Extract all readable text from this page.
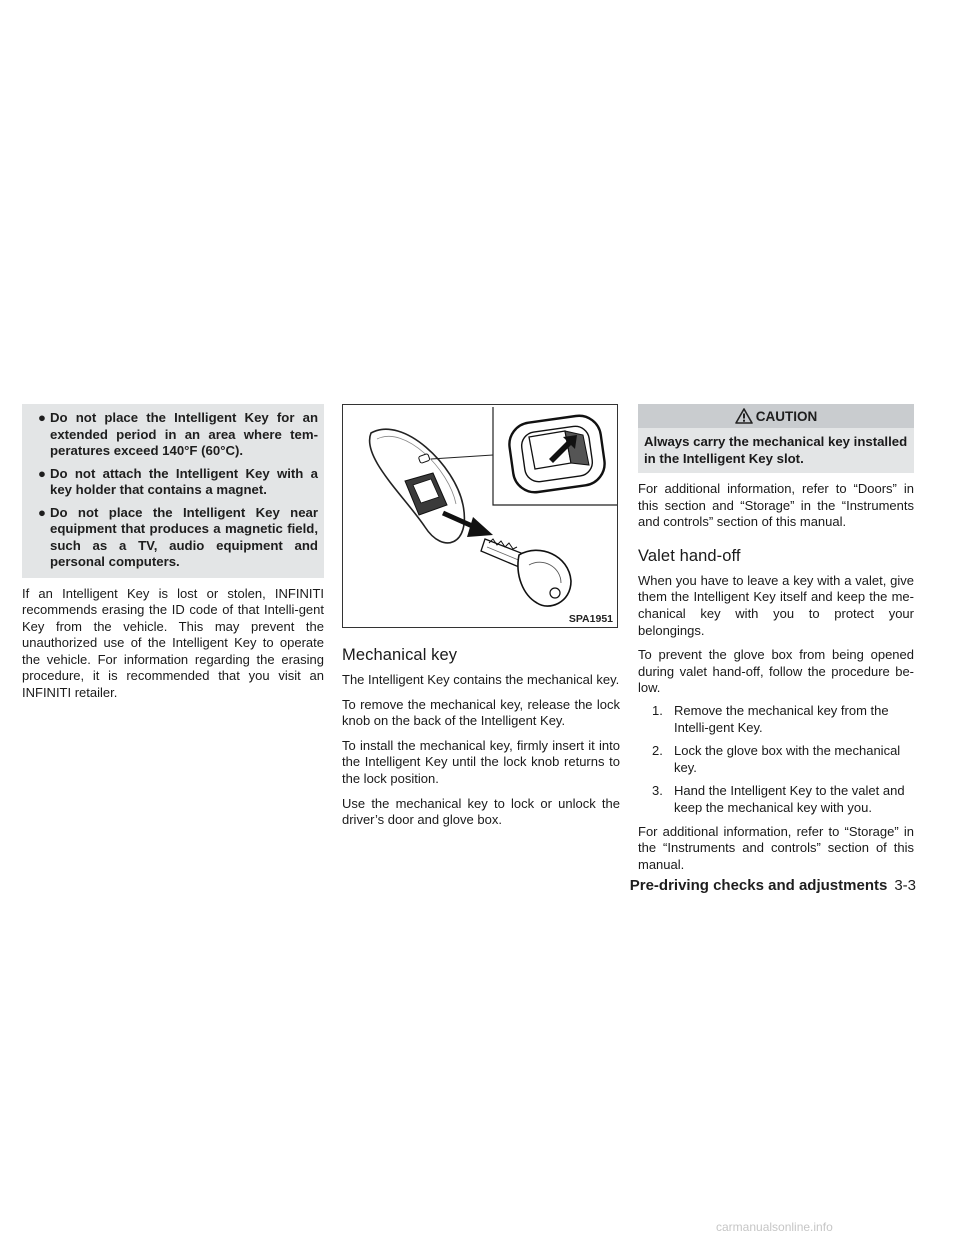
● Do not place the Intelligent Key for an extended period in an area where tem-peratures exceed 140°F (60°C).
● Do not attach the Intelligent Key with a key holder that contains a magnet.
● Do not place the Intelligent Key near equipment that produces a magnetic field, such as a TV, audio equipment and personal computers.

If an Intelligent Key is lost or stolen, INFINITI recommends erasing the ID code of that Intelli-gent Key from the vehicle. This may prevent the unauthorized use of the Intelligent Key to operate the vehicle. For information regarding the erasing procedure, it is recommended that you visit an INFINITI retailer.

SPA1951
Mechanical key

The Intelligent Key contains the mechanical key.

To remove the mechanical key, release the lock knob on the back of the Intelligent Key.

To install the mechanical key, firmly insert it into the Intelligent Key until the lock knob returns to the lock position.

Use the mechanical key to lock or unlock the driver’s door and glove box.

CAUTION
Always carry the mechanical key installed in the Intelligent Key slot.

For additional information, refer to “Doors” in this section and “Storage” in the “Instruments and controls” section of this manual.

Valet hand-off

When you have to leave a key with a valet, give them the Intelligent Key itself and keep the me-chanical key with you to protect your belongings.

To prevent the glove box from being opened during valet hand-off, follow the procedure be-low.

1. Remove the mechanical key from the Intelli-gent Key.
2. Lock the glove box with the mechanical key.
3. Hand the Intelligent Key to the valet and keep the mechanical key with you.

For additional information, refer to “Storage” in the “Instruments and controls” section of this manual.

Pre-driving checks and adjustments 3-3
carmanualsonline.info
